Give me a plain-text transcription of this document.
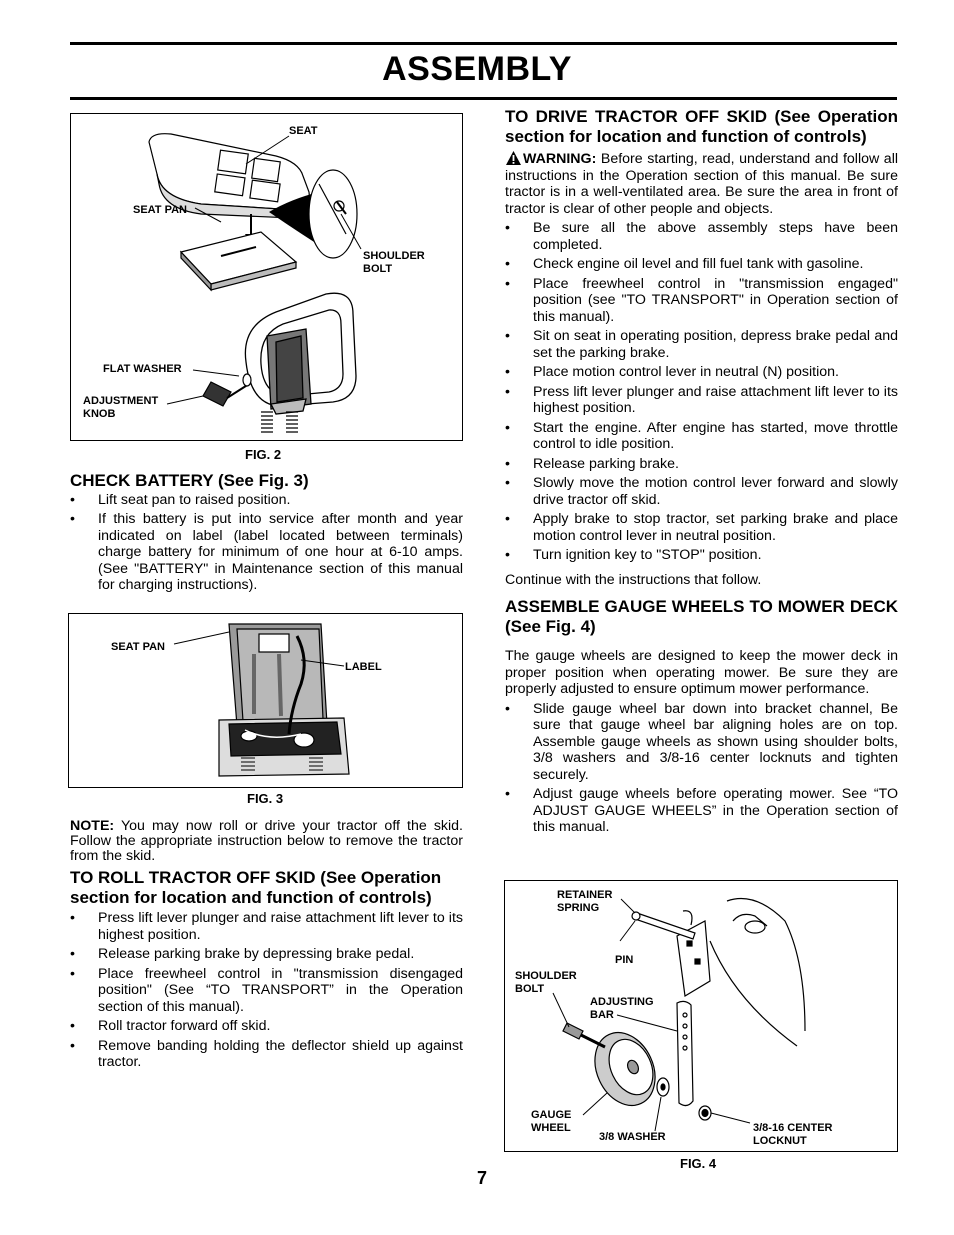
ASSEMBLY
SEAT
SEAT PAN
SHOULDER
BOLT
FLAT WASHER
ADJUSTMENT
KNOB
FIG. 2
CHECK BATTERY (See Fig. 3)
• Lift seat pan to raised position.
• If this battery is put into service after month and year indicated on label (label located between terminals) charge battery for minimum of one hour at 6-10 amps. (See "BATTERY" in Maintenance section of this manual for charging instructions).
SEAT PAN
LABEL
FIG. 3

NOTE: You may now roll or drive your tractor off the skid. Follow the appropriate instruction below to remove the tractor from the skid.

TO ROLL TRACTOR OFF SKID (See Operation section for location and function of controls)
• Press lift lever plunger and raise attachment lift lever to its highest position.
• Release parking brake by depressing brake pedal.
• Place freewheel control in "transmission disengaged position" (See “TO TRANSPORT” in the Operation section of this manual).
• Roll tractor forward off skid.
• Remove banding holding the deflector shield up against tractor.
TO DRIVE TRACTOR OFF SKID (See Operation section for location and function of controls)

WARNING: Before starting, read, understand and follow all instructions in the Operation section of this manual. Be sure tractor is in a well-ventilated area. Be sure the area in front of tractor is clear of other people and objects.

• Be sure all the above assembly steps have been completed.
• Check engine oil level and fill fuel tank with gasoline.
• Place freewheel control in "transmission engaged" position (see "TO TRANSPORT" in Operation section of this manual).
• Sit on seat in operating position, depress brake pedal and set the parking brake.
• Place motion control lever in neutral (N) position.
• Press lift lever plunger and raise attachment lift lever to its highest position.
• Start the engine. After engine has started, move throttle control to idle position.
• Release parking brake.
• Slowly move the motion control lever forward and slowly drive tractor off skid.
• Apply brake to stop tractor, set parking brake and place motion control lever in neutral position.
• Turn ignition key to "STOP" position.

Continue with the instructions that follow.

ASSEMBLE GAUGE WHEELS TO MOWER DECK (See Fig. 4)

The gauge wheels are designed to keep the mower deck in proper position when operating mower. Be sure they are properly adjusted to ensure optimum mower performance.

• Slide gauge wheel bar down into bracket channel, Be sure that gauge wheel bar aligning holes are on top. Assemble gauge wheels as shown using shoulder bolts, 3/8 washers and 3/8-16 center locknuts and tighten securely.
• Adjust gauge wheels before operating mower. See “TO ADJUST GAUGE WHEELS” in the Operation section of this manual.
RETAINER
SPRING
PIN
SHOULDER
BOLT
ADJUSTING
BAR
GAUGE
WHEEL
3/8 WASHER
3/8-16 CENTER
LOCKNUT
FIG. 4
7
